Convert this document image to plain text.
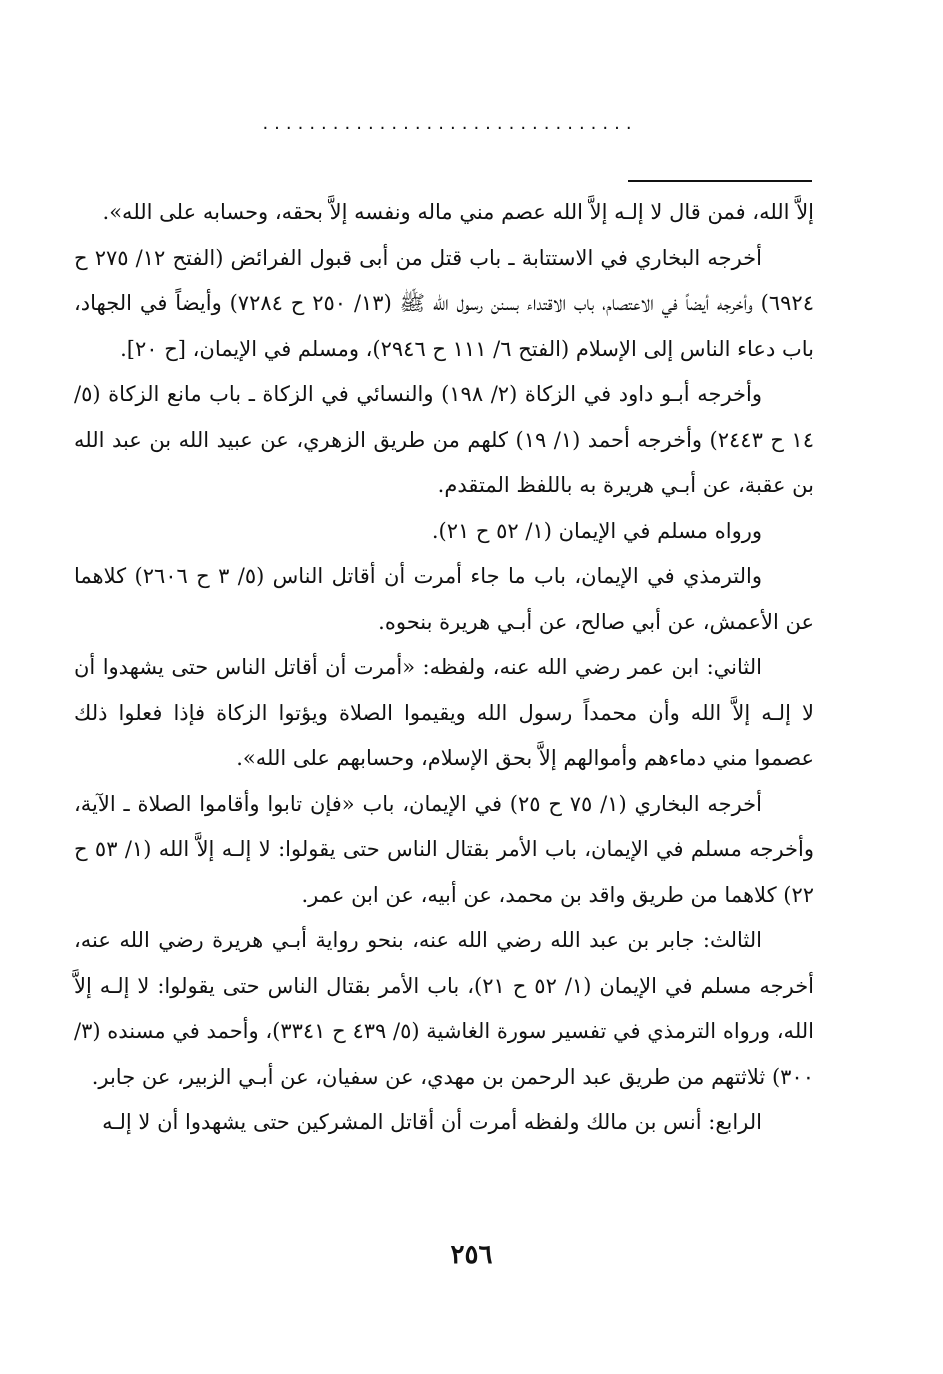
................................

إلاَّ الله، فمن قال لا إلـه إلاَّ الله عصم مني ماله ونفسه إلاَّ بحقه، وحسابه على الله».

أخرجه البخاري في الاستتابة ـ باب قتل من أبى قبول الفرائض (الفتح ١٢/ ٢٧٥ ح ٦٩٢٤) وأخرجه أيضاً في الاعتصام، باب الاقتداء بسنن رسول الله ﷺ (١٣/ ٢٥٠ ح ٧٢٨٤) وأيضاً في الجهاد، باب دعاء الناس إلى الإسلام (الفتح ٦/ ١١١ ح ٢٩٤٦)، ومسلم في الإيمان، [ح ٢٠].

وأخرجه أبـو داود في الزكاة (٢/ ١٩٨) والنسائي في الزكاة ـ باب مانع الزكاة (٥/ ١٤ ح ٢٤٤٣) وأخرجه أحمد (١/ ١٩) كلهم من طريق الزهري، عن عبيد الله بن عبد الله بن عقبة، عن أبـي هريرة به باللفظ المتقدم.

ورواه مسلم في الإيمان (١/ ٥٢ ح ٢١).

والترمذي في الإيمان، باب ما جاء أمرت أن أقاتل الناس (٥/ ٣ ح ٢٦٠٦) كلاهما عن الأعمش، عن أبي صالح، عن أبـي هريرة بنحوه.

الثاني: ابن عمر رضي الله عنه، ولفظه: «أمرت أن أقاتل الناس حتى يشهدوا أن لا إلـه إلاَّ الله وأن محمداً رسول الله ويقيموا الصلاة ويؤتوا الزكاة فإذا فعلوا ذلك عصموا مني دماءهم وأموالهم إلاَّ بحق الإسلام، وحسابهم على الله».

أخرجه البخاري (١/ ٧٥ ح ٢٥) في الإيمان، باب «فإن تابوا وأقاموا الصلاة ـ الآية، وأخرجه مسلم في الإيمان، باب الأمر بقتال الناس حتى يقولوا: لا إلـه إلاَّ الله (١/ ٥٣ ح ٢٢) كلاهما من طريق واقد بن محمد، عن أبيه، عن ابن عمر.

الثالث: جابر بن عبد الله رضي الله عنه، بنحو رواية أبـي هريرة رضي الله عنه، أخرجه مسلم في الإيمان (١/ ٥٢ ح ٢١)، باب الأمر بقتال الناس حتى يقولوا: لا إلـه إلاَّ الله، ورواه الترمذي في تفسير سورة الغاشية (٥/ ٤٣٩ ح ٣٣٤١)، وأحمد في مسنده (٣/ ٣٠٠) ثلاثتهم من طريق عبد الرحمن بن مهدي، عن سفيان، عن أبـي الزبير، عن جابر.

الرابع: أنس بن مالك ولفظه أمرت أن أقاتل المشركين حتى يشهدوا أن لا إلـه

٢٥٦
